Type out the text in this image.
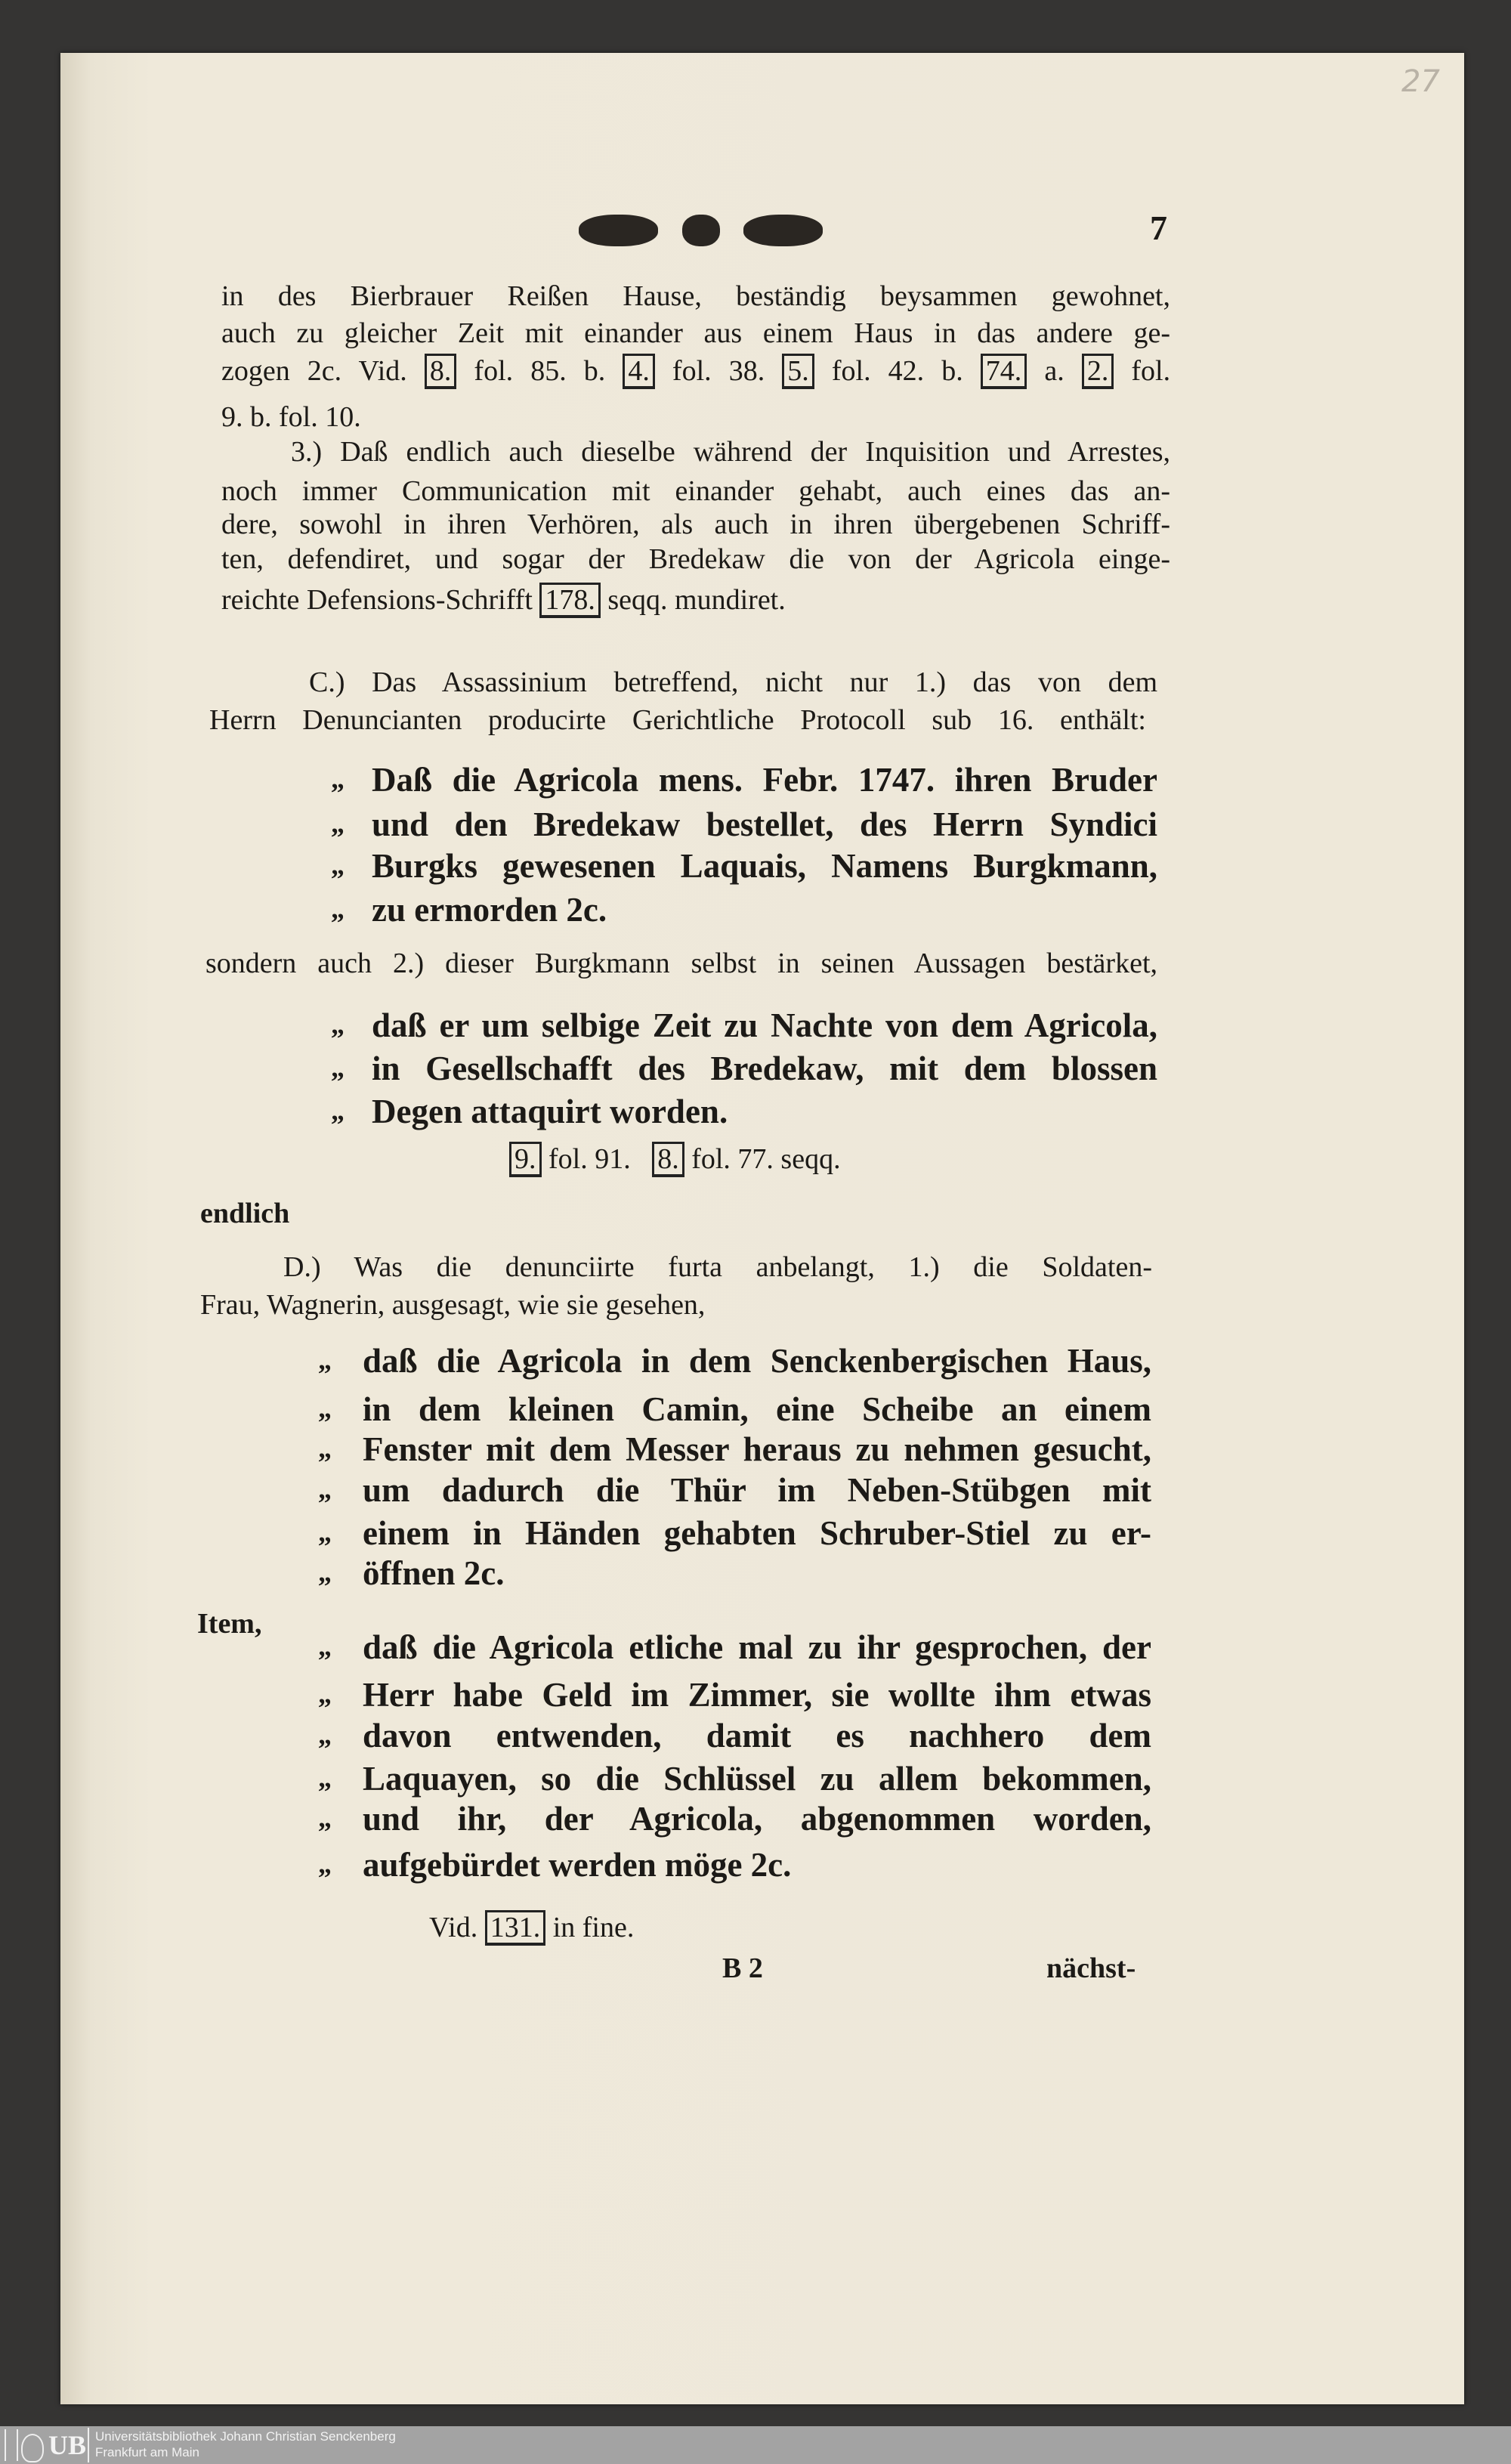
27
7
in des Bierbrauer Reißen Hause, beständig beysammen gewohnet,
auch zu gleicher Zeit mit einander aus einem Haus in das andere ge-
zogen 2c. Vid. 8. fol. 85. b. 4. fol. 38. 5. fol. 42. b. 74. a. 2. fol.
9. b. fol. 10.
3.) Daß endlich auch dieselbe während der Inquisition und Arrestes,
noch immer Communication mit einander gehabt, auch eines das an-
dere, sowohl in ihren Verhören, als auch in ihren übergebenen Schriff-
ten, defendiret, und sogar der Bredekaw die von der Agricola einge-
reichte Defensions-Schrifft 178. seqq. mundiret.
C.) Das Assassinium betreffend, nicht nur 1.) das von dem
Herrn Denuncianten producirte Gerichtliche Protocoll sub 16. enthält:
„ Daß die Agricola mens. Febr. 1747. ihren Bruder
„ und den Bredekaw bestellet, des Herrn Syndici
„ Burgks gewesenen Laquais, Namens Burgkmann,
„ zu ermorden 2c.
sondern auch 2.) dieser Burgkmann selbst in seinen Aussagen bestärket,
„ daß er um selbige Zeit zu Nachte von dem Agricola,
„ in Gesellschafft des Bredekaw, mit dem blossen
„ Degen attaquirt worden.
9. fol. 91. 8. fol. 77. seqq.
endlich
D.) Was die denunciirte furta anbelangt, 1.) die Soldaten-
Frau, Wagnerin, ausgesagt, wie sie gesehen,
„ daß die Agricola in dem Senckenbergischen Haus,
„ in dem kleinen Camin, eine Scheibe an einem
„ Fenster mit dem Messer heraus zu nehmen gesucht,
„ um dadurch die Thür im Neben-Stübgen mit
„ einem in Händen gehabten Schruber-Stiel zu er-
„ öffnen 2c.
Item,
„ daß die Agricola etliche mal zu ihr gesprochen, der
„ Herr habe Geld im Zimmer, sie wollte ihm etwas
„ davon entwenden, damit es nachhero dem
„ Laquayen, so die Schlüssel zu allem bekommen,
„ und ihr, der Agricola, abgenommen worden,
„ aufgebürdet werden möge 2c.
Vid. 131. in fine.
B 2	nächst-
UB Universitätsbibliothek Johann Christian Senckenberg
Frankfurt am Main
